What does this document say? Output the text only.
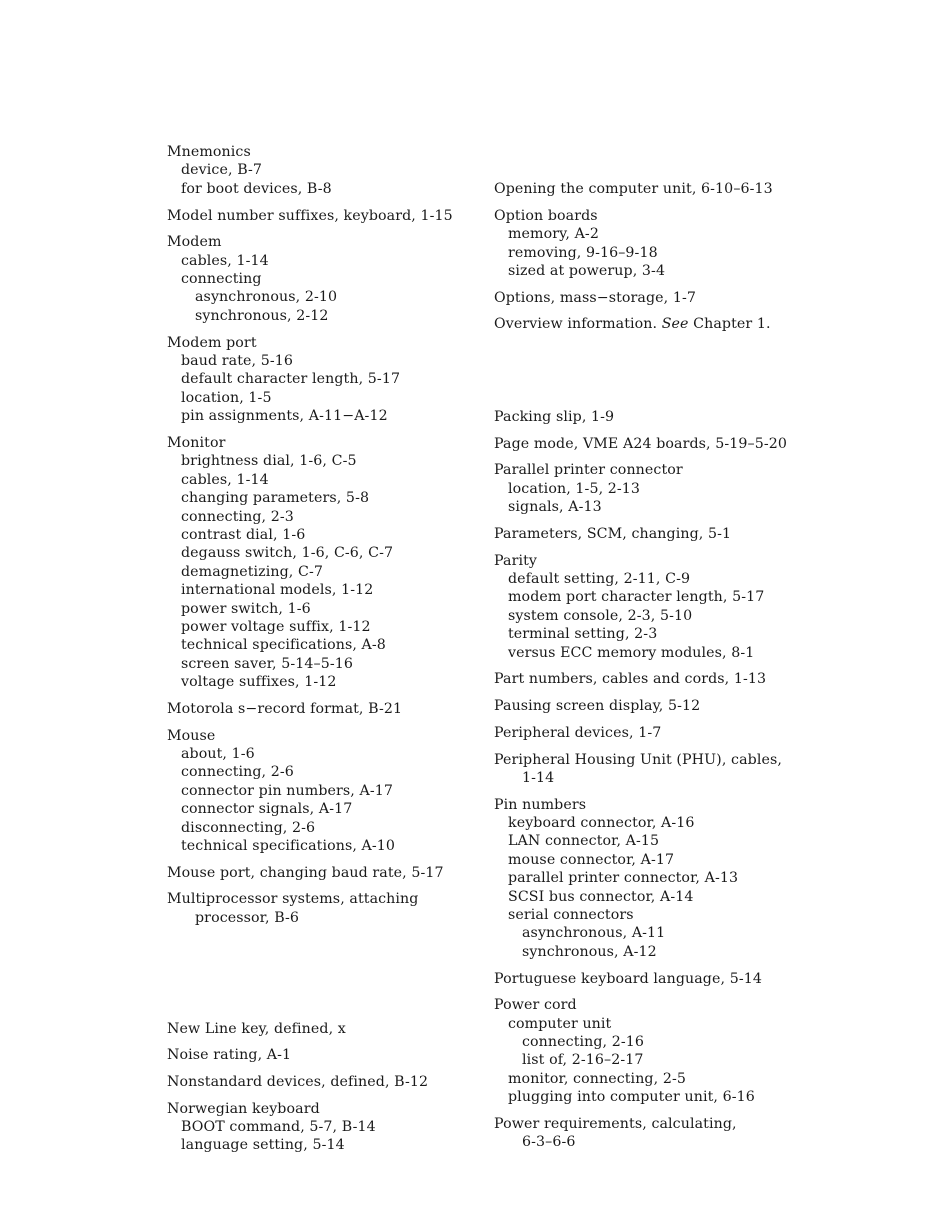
Mnemonics
device, B-7
for boot devices, B-8
Model number suffixes, keyboard, 1-15
Modem
cables, 1-14
connecting
asynchronous, 2-10
synchronous, 2-12
Modem port
baud rate, 5-16
default character length, 5-17
location, 1-5
pin assignments, A-11−A-12
Monitor
brightness dial, 1-6, C-5
cables, 1-14
changing parameters, 5-8
connecting, 2-3
contrast dial, 1-6
degauss switch, 1-6, C-6, C-7
demagnetizing, C-7
international models, 1-12
power switch, 1-6
power voltage suffix, 1-12
technical specifications, A-8
screen saver, 5-14–5-16
voltage suffixes, 1-12
Motorola s−record format, B-21
Mouse
about, 1-6
connecting, 2-6
connector pin numbers, A-17
connector signals, A-17
disconnecting, 2-6
technical specifications, A-10
Mouse port, changing baud rate, 5-17
Multiprocessor systems, attaching
processor, B-6
New Line key, defined, x
Noise rating, A-1
Nonstandard devices, defined, B-12
Norwegian keyboard
BOOT command, 5-7, B-14
language setting, 5-14
Opening the computer unit, 6-10–6-13
Option boards
memory, A-2
removing, 9-16–9-18
sized at powerup, 3-4
Options, mass−storage, 1-7
Overview information. See Chapter 1.
Packing slip, 1-9
Page mode, VME A24 boards, 5-19–5-20
Parallel printer connector
location, 1-5, 2-13
signals, A-13
Parameters, SCM, changing, 5-1
Parity
default setting, 2-11, C-9
modem port character length, 5-17
system console, 2-3, 5-10
terminal setting, 2-3
versus ECC memory modules, 8-1
Part numbers, cables and cords, 1-13
Pausing screen display, 5-12
Peripheral devices, 1-7
Peripheral Housing Unit (PHU), cables,
1-14
Pin numbers
keyboard connector, A-16
LAN connector, A-15
mouse connector, A-17
parallel printer connector, A-13
SCSI bus connector, A-14
serial connectors
asynchronous, A-11
synchronous, A-12
Portuguese keyboard language, 5-14
Power cord
computer unit
connecting, 2-16
list of, 2-16–2-17
monitor, connecting, 2-5
plugging into computer unit, 6-16
Power requirements, calculating,
6-3–6-6
